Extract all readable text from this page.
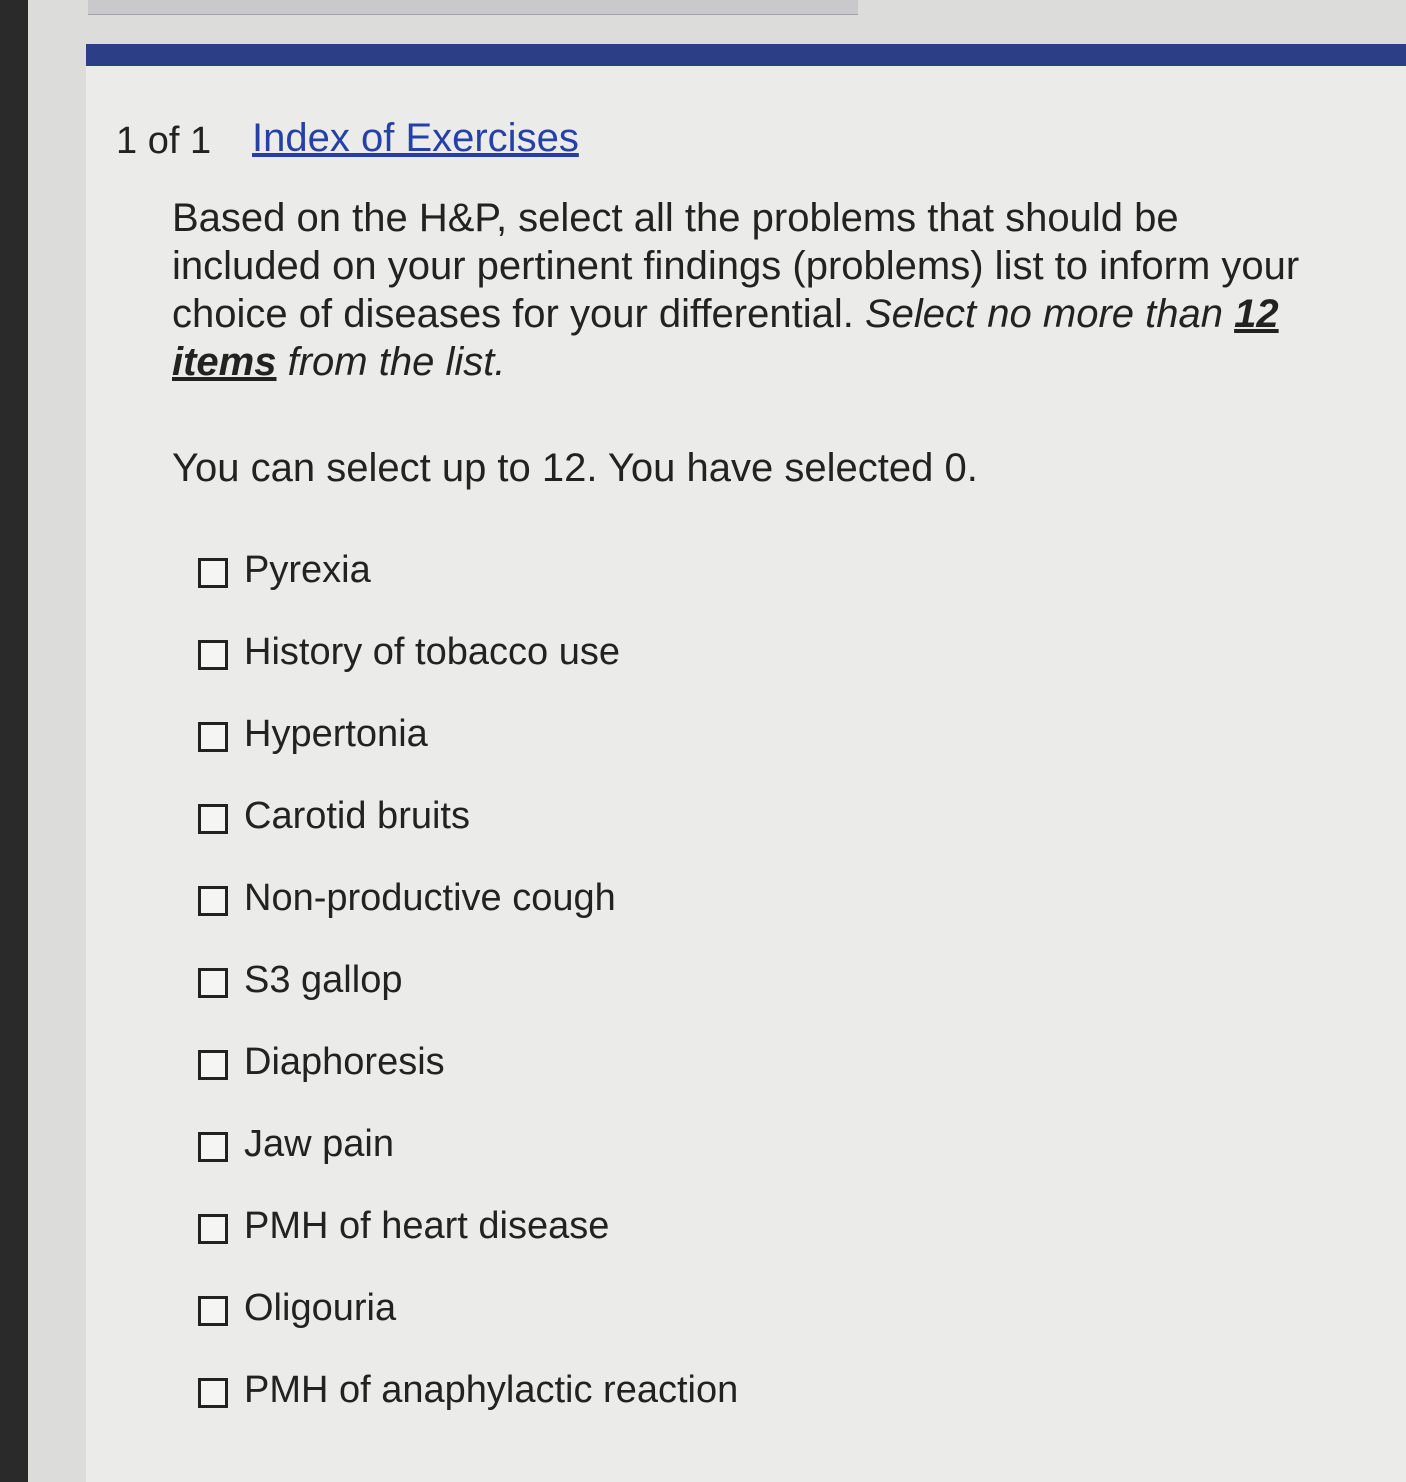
1 of 1 Index of Exercises
Based on the H&P, select all the problems that should be included on your pertinent findings (problems) list to inform your choice of diseases for your differential. Select no more than 12 items from the list.
You can select up to 12. You have selected 0.
Pyrexia
History of tobacco use
Hypertonia
Carotid bruits
Non-productive cough
S3 gallop
Diaphoresis
Jaw pain
PMH of heart disease
Oligouria
PMH of anaphylactic reaction
